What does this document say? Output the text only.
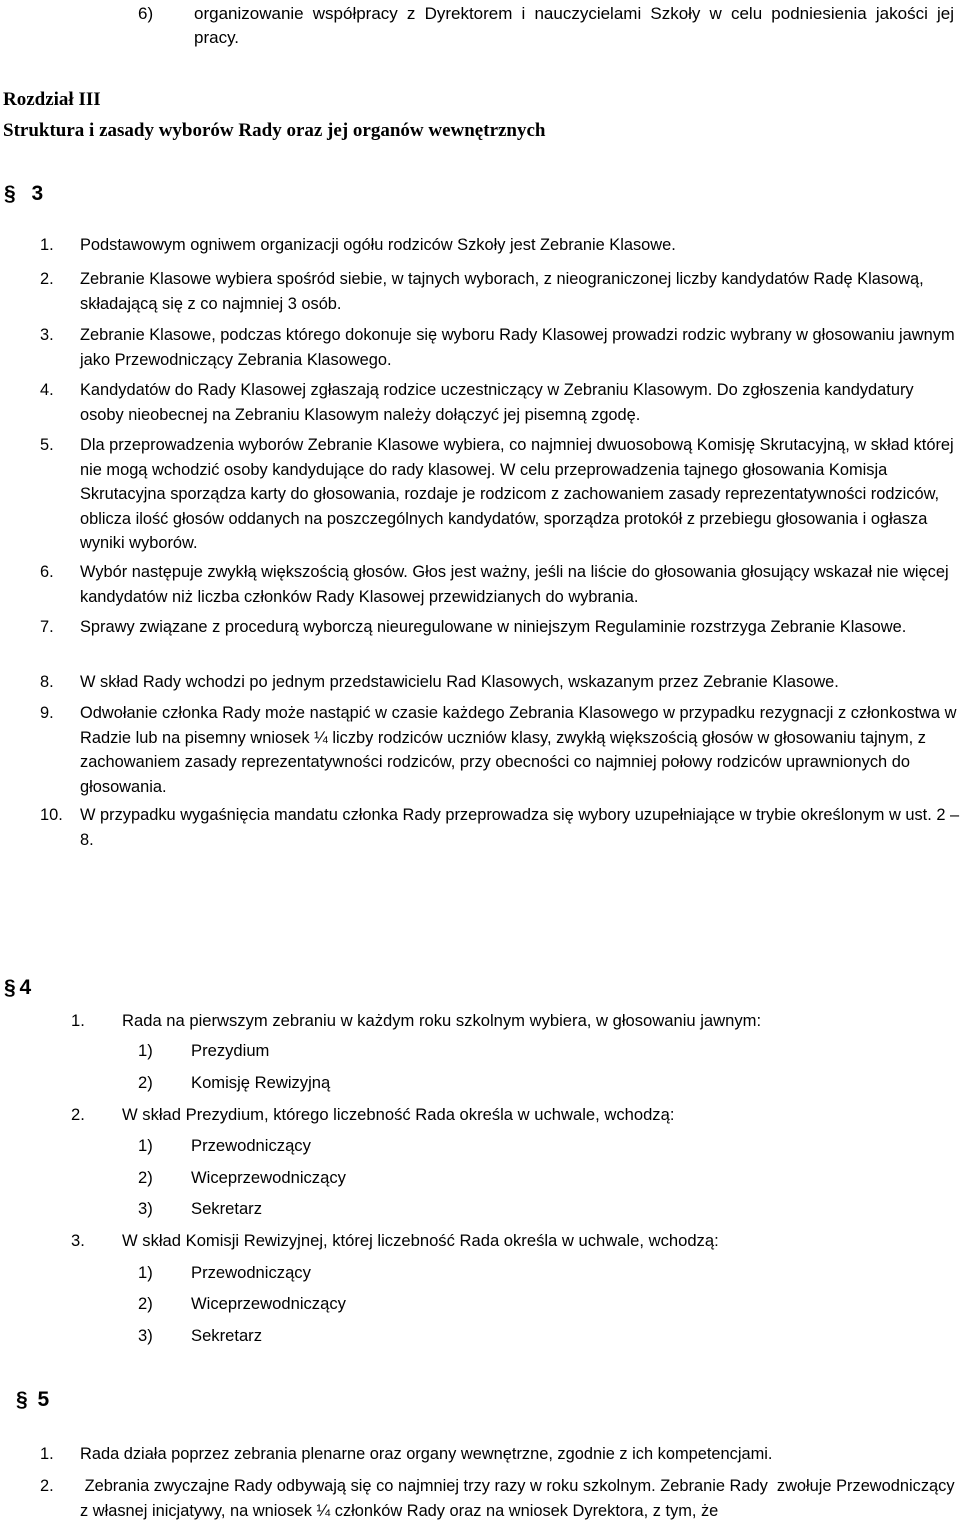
6) organizowanie współpracy z Dyrektorem i nauczycielami Szkoły w celu podniesienia jakości jej pracy.
Rozdział III
Struktura i zasady wyborów Rady oraz jej organów wewnętrznych
§ 3
1. Podstawowym ogniwem organizacji ogółu rodziców Szkoły jest Zebranie Klasowe.
2. Zebranie Klasowe wybiera spośród siebie, w tajnych wyborach, z nieograniczonej liczby kandydatów Radę Klasową, składającą się z co najmniej 3 osób.
3. Zebranie Klasowe, podczas którego dokonuje się wyboru Rady Klasowej prowadzi rodzic wybrany w głosowaniu jawnym jako Przewodniczący Zebrania Klasowego.
4. Kandydatów do Rady Klasowej zgłaszają rodzice uczestniczący w Zebraniu Klasowym. Do zgłoszenia kandydatury osoby nieobecnej na Zebraniu Klasowym należy dołączyć jej pisemną zgodę.
5. Dla przeprowadzenia wyborów Zebranie Klasowe wybiera, co najmniej dwuosobową Komisję Skrutacyjną, w skład której nie mogą wchodzić osoby kandydujące do rady klasowej. W celu przeprowadzenia tajnego głosowania Komisja Skrutacyjna sporządza karty do głosowania, rozdaje je rodzicom z zachowaniem zasady reprezentatywności rodziców, oblicza ilość głosów oddanych na poszczególnych kandydatów, sporządza protokół z przebiegu głosowania i ogłasza wyniki wyborów.
6. Wybór następuje zwykłą większością głosów. Głos jest ważny, jeśli na liście do głosowania głosujący wskazał nie więcej kandydatów niż liczba członków Rady Klasowej przewidzianych do wybrania.
7. Sprawy związane z procedurą wyborczą nieuregulowane w niniejszym Regulaminie rozstrzyga Zebranie Klasowe.
8. W skład Rady wchodzi po jednym przedstawicielu Rad Klasowych, wskazanym przez Zebranie Klasowe.
9. Odwołanie członka Rady może nastąpić w czasie każdego Zebrania Klasowego w przypadku rezygnacji z członkostwa w Radzie lub na pisemny wniosek ¼ liczby rodziców uczniów klasy, zwykłą większością głosów w głosowaniu tajnym, z zachowaniem zasady reprezentatywności rodziców, przy obecności co najmniej połowy rodziców uprawnionych do głosowania.
10. W przypadku wygaśnięcia mandatu członka Rady przeprowadza się wybory uzupełniające w trybie określonym w ust. 2 – 8.
§ 4
1. Rada na pierwszym zebraniu w każdym roku szkolnym wybiera, w głosowaniu jawnym:
1) Prezydium
2) Komisję Rewizyjną
2. W skład Prezydium, którego liczebność Rada określa w uchwale, wchodzą:
1) Przewodniczący
2) Wiceprzewodniczący
3) Sekretarz
3. W skład Komisji Rewizyjnej, której liczebność Rada określa w uchwale, wchodzą:
1) Przewodniczący
2) Wiceprzewodniczący
3) Sekretarz
§ 5
1. Rada działa poprzez zebrania plenarne oraz organy wewnętrzne, zgodnie z ich kompetencjami.
2. Zebrania zwyczajne Rady odbywają się co najmniej trzy razy w roku szkolnym. Zebranie Rady  zwołuje Przewodniczący z własnej inicjatywy, na wniosek ¼ członków Rady oraz na wniosek Dyrektora, z tym, że
